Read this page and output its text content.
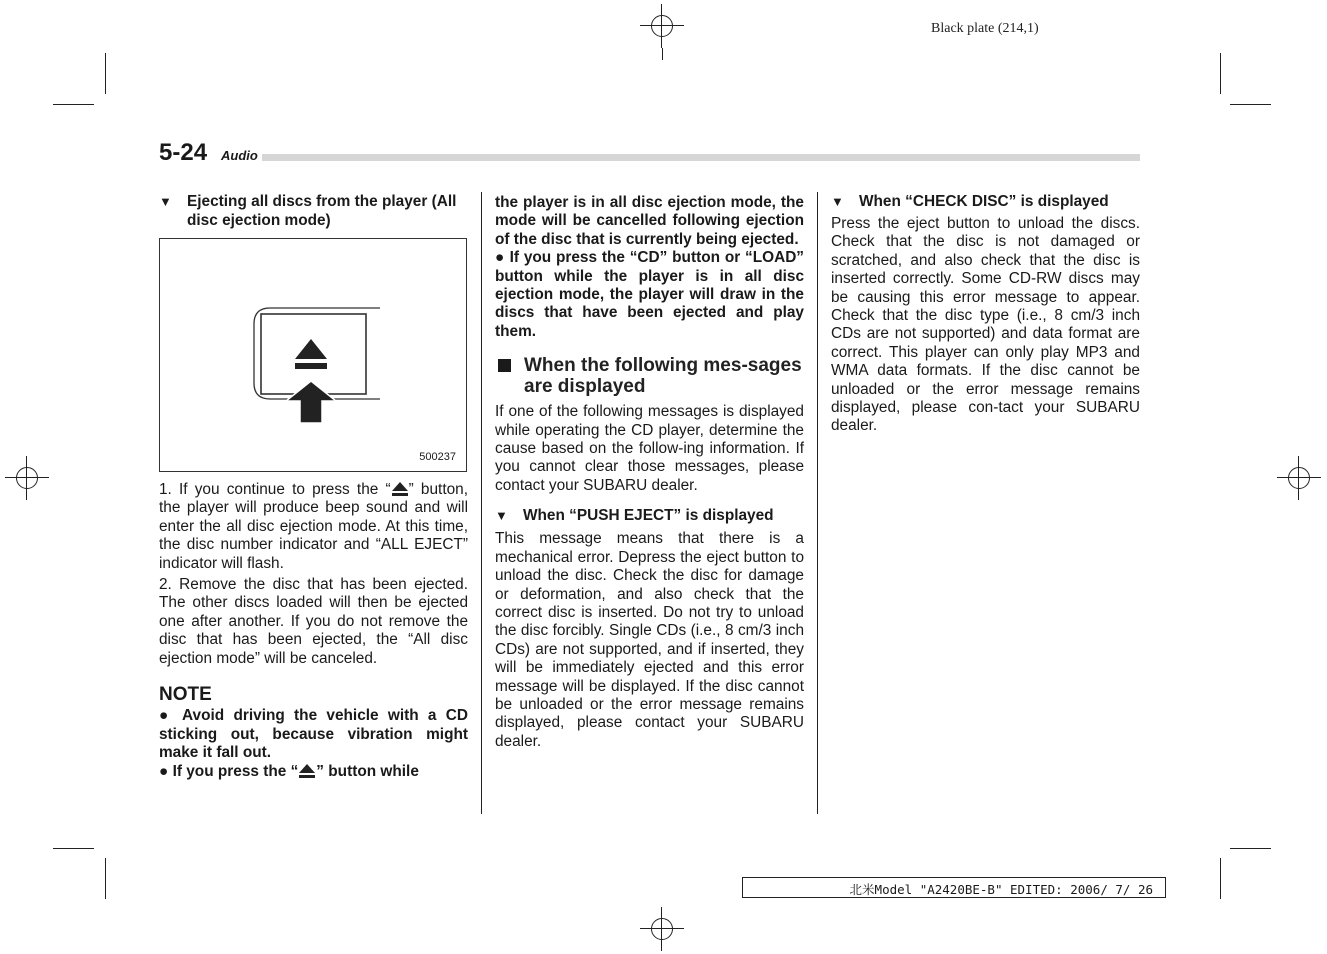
Black plate (214,1)
5-24 Audio
▼ Ejecting all discs from the player (All disc ejection mode)
500237

1. If you continue to press the “ ” button, the player will produce beep sound and will enter the all disc ejection mode. At this time, the disc number indicator and “ALL EJECT” indicator will flash.

2. Remove the disc that has been ejected. The other discs loaded will then be ejected one after another. If you do not remove the disc that has been ejected, the “All disc ejection mode” will be canceled.

NOTE

● Avoid driving the vehicle with a CD sticking out, because vibration might make it fall out.

● If you press the “ ” button while

the player is in all disc ejection mode, the mode will be cancelled following ejection of the disc that is currently being ejected.

● If you press the “CD” button or “LOAD” button while the player is in all disc ejection mode, the player will draw in the discs that have been ejected and play them.

When the following mes-sages are displayed

If one of the following messages is displayed while operating the CD player, determine the cause based on the follow-ing information. If you cannot clear those messages, please contact your SUBARU dealer.

▼ When “PUSH EJECT” is displayed

This message means that there is a mechanical error. Depress the eject button to unload the disc. Check the disc for damage or deformation, and also check that the correct disc is inserted. Do not try to unload the disc forcibly. Single CDs (i.e., 8 cm/3 inch CDs) are not supported, and if inserted, they will be immediately ejected and this error message will be displayed. If the disc cannot be unloaded or the error message remains displayed, please contact your SUBARU dealer.

▼ When “CHECK DISC” is displayed

Press the eject button to unload the discs. Check that the disc is not damaged or scratched, and also check that the disc is inserted correctly. Some CD-RW discs may be causing this error message to appear. Check that the disc type (i.e., 8 cm/3 inch CDs are not supported) and data format are correct. This player can only play MP3 and WMA data formats. If the disc cannot be unloaded or the error message remains displayed, please con-tact your SUBARU dealer.

北米Model "A2420BE-B" EDITED: 2006/ 7/ 26
